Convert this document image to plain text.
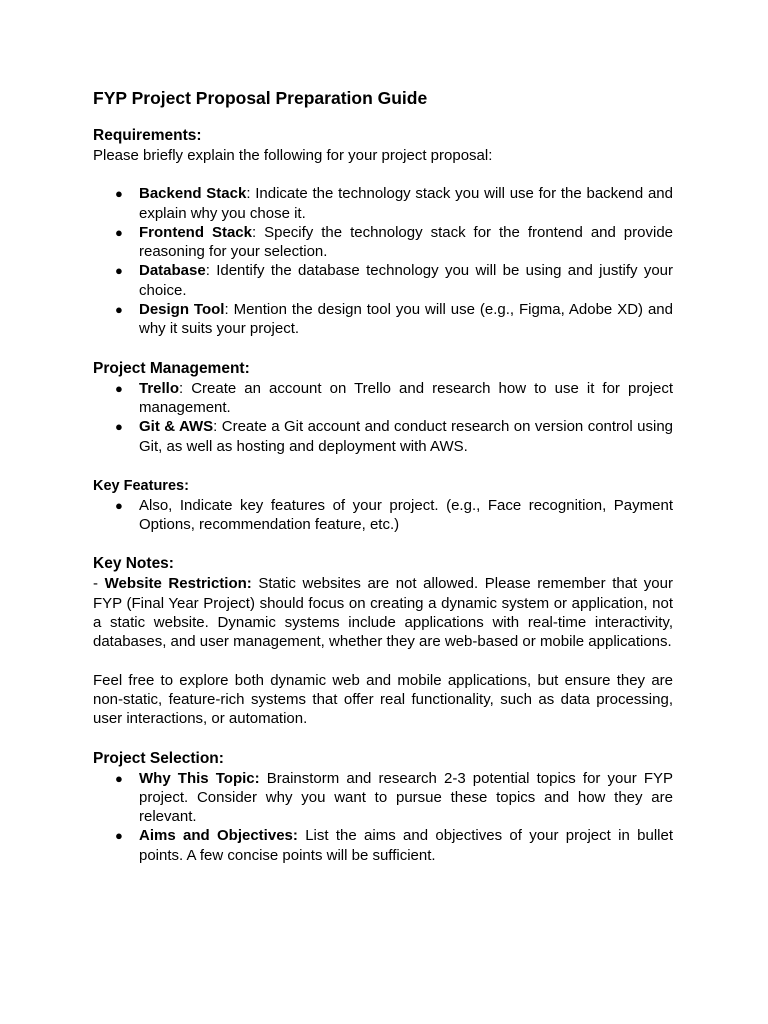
FYP Project Proposal Preparation Guide
Requirements:

Please briefly explain the following for your project proposal:

● Backend Stack: Indicate the technology stack you will use for the backend and explain why you chose it.
● Frontend Stack: Specify the technology stack for the frontend and provide reasoning for your selection.
● Database: Identify the database technology you will be using and justify your choice.
● Design Tool: Mention the design tool you will use (e.g., Figma, Adobe XD) and why it suits your project.
Project Management:
● Trello: Create an account on Trello and research how to use it for project management.
● Git & AWS: Create a Git account and conduct research on version control using Git, as well as hosting and deployment with AWS.
Key Features:
● Also, Indicate key features of your project. (e.g., Face recognition, Payment Options, recommendation feature, etc.)
Key Notes:

- Website Restriction: Static websites are not allowed. Please remember that your FYP (Final Year Project) should focus on creating a dynamic system or application, not a static website. Dynamic systems include applications with real-time interactivity, databases, and user management, whether they are web-based or mobile applications.

Feel free to explore both dynamic web and mobile applications, but ensure they are non-static, feature-rich systems that offer real functionality, such as data processing, user interactions, or automation.

Project Selection:
● Why This Topic: Brainstorm and research 2-3 potential topics for your FYP project. Consider why you want to pursue these topics and how they are relevant.
● Aims and Objectives: List the aims and objectives of your project in bullet points. A few concise points will be sufficient.
